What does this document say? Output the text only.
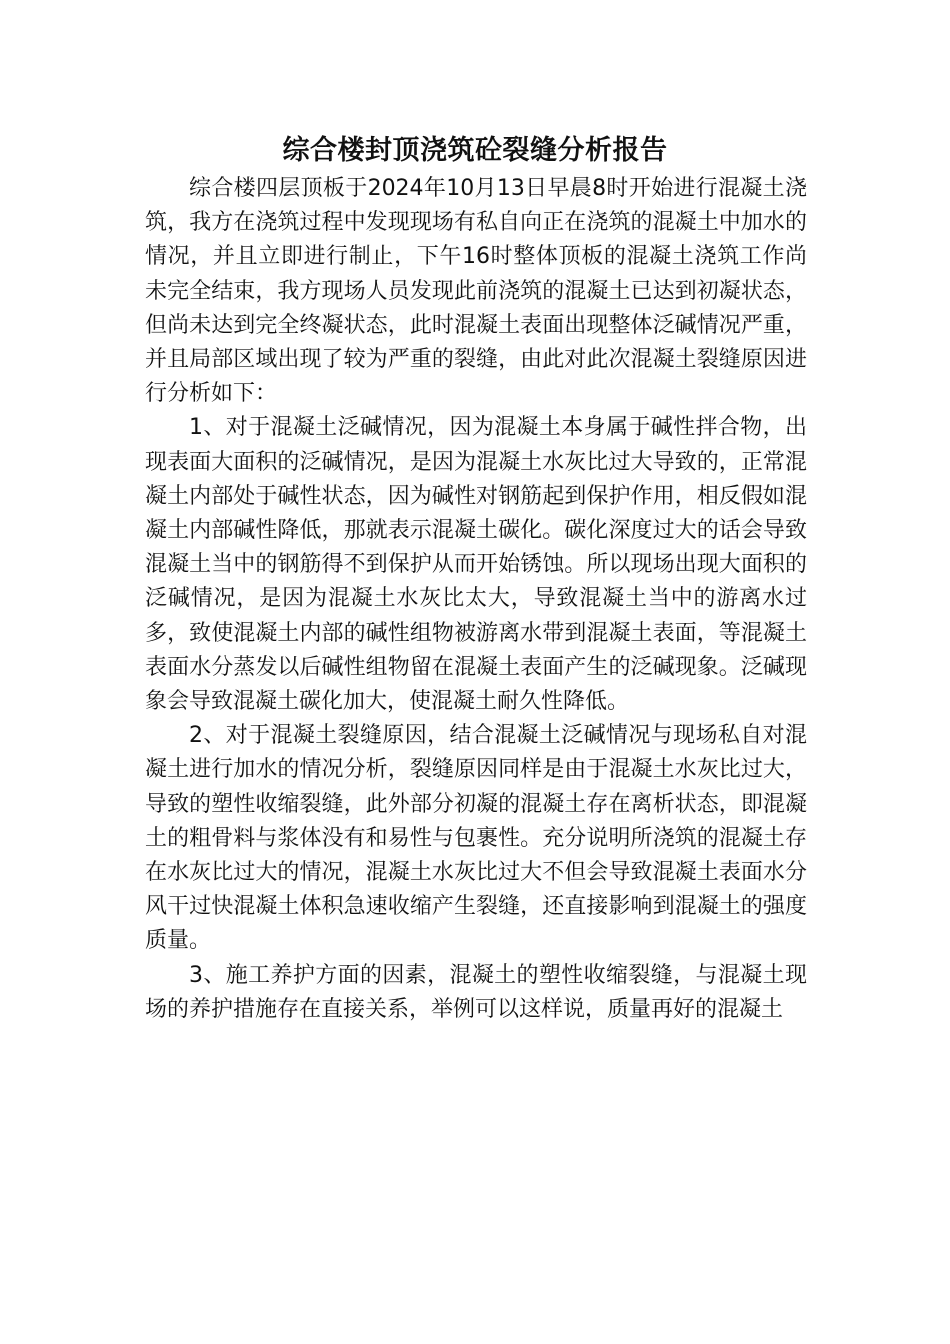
综合楼封顶浇筑砼裂缝分析报告

综合楼四层顶板于2024年10月13日早晨8时开始进行混凝土浇筑，我方在浇筑过程中发现现场有私自向正在浇筑的混凝土中加水的情况，并且立即进行制止，下午16时整体顶板的混凝土浇筑工作尚未完全结束，我方现场人员发现此前浇筑的混凝土已达到初凝状态，但尚未达到完全终凝状态，此时混凝土表面出现整体泛碱情况严重，并且局部区域出现了较为严重的裂缝，由此对此次混凝土裂缝原因进行分析如下：

1、对于混凝土泛碱情况，因为混凝土本身属于碱性拌合物，出现表面大面积的泛碱情况，是因为混凝土水灰比过大导致的，正常混凝土内部处于碱性状态，因为碱性对钢筋起到保护作用，相反假如混凝土内部碱性降低，那就表示混凝土碳化。碳化深度过大的话会导致混凝土当中的钢筋得不到保护从而开始锈蚀。所以现场出现大面积的泛碱情况，是因为混凝土水灰比太大，导致混凝土当中的游离水过多，致使混凝土内部的碱性组物被游离水带到混凝土表面，等混凝土表面水分蒸发以后碱性组物留在混凝土表面产生的泛碱现象。泛碱现象会导致混凝土碳化加大，使混凝土耐久性降低。

2、对于混凝土裂缝原因，结合混凝土泛碱情况与现场私自对混凝土进行加水的情况分析，裂缝原因同样是由于混凝土水灰比过大，导致的塑性收缩裂缝，此外部分初凝的混凝土存在离析状态，即混凝土的粗骨料与浆体没有和易性与包裹性。充分说明所浇筑的混凝土存在水灰比过大的情况，混凝土水灰比过大不但会导致混凝土表面水分风干过快混凝土体积急速收缩产生裂缝，还直接影响到混凝土的强度质量。

3、施工养护方面的因素，混凝土的塑性收缩裂缝，与混凝土现场的养护措施存在直接关系，举例可以这样说，质量再好的混凝土
